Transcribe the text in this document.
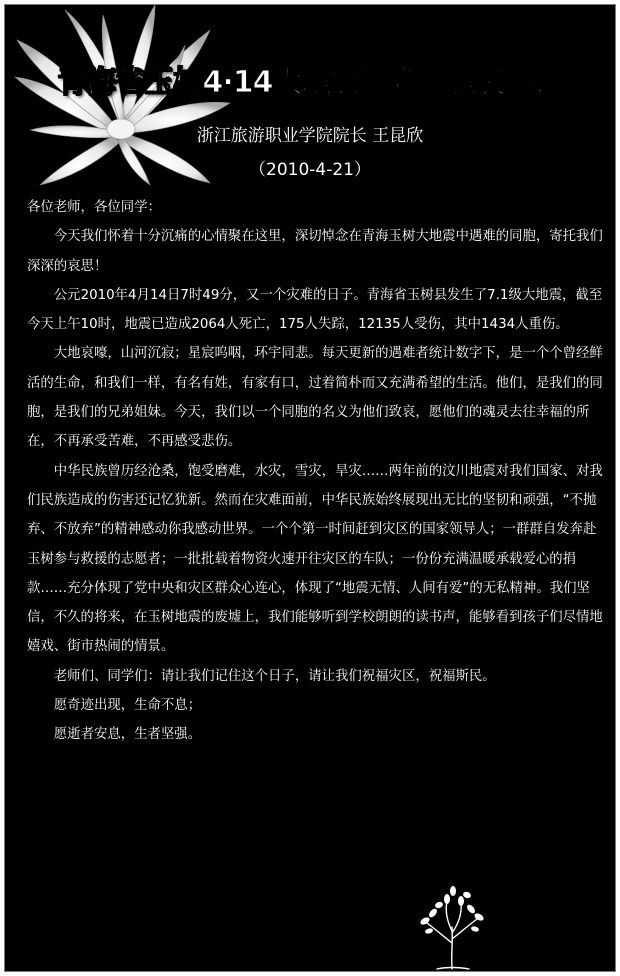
青海省玉树4·14大地震遇难同胞哀悼词
浙江旅游职业学院院长 王昆欣
（2010-4-21）

各位老师，各位同学：

今天我们怀着十分沉痛的心情聚在这里，深切悼念在青海玉树大地震中遇难的同胞，寄托我们深深的哀思！

公元2010年4月14日7时49分，又一个灾难的日子。青海省玉树县发生了7.1级大地震，截至今天上午10时，地震已造成2064人死亡，175人失踪，12135人受伤，其中1434人重伤。

大地哀嚎，山河沉寂；星宸呜咽，环宇同悲。每天更新的遇难者统计数字下，是一个个曾经鲜活的生命，和我们一样，有名有姓，有家有口，过着简朴而又充满希望的生活。他们，是我们的同胞，是我们的兄弟姐妹。今天，我们以一个同胞的名义为他们致哀，愿他们的魂灵去往幸福的所在，不再承受苦难，不再感受悲伤。

中华民族曾历经沧桑，饱受磨难，水灾，雪灾，旱灾……两年前的汶川地震对我们国家、对我们民族造成的伤害还记忆犹新。然而在灾难面前，中华民族始终展现出无比的坚韧和顽强，“不抛弃、不放弃”的精神感动你我感动世界。一个个第一时间赶到灾区的国家领导人；一群群自发奔赴玉树参与救援的志愿者；一批批载着物资火速开往灾区的车队；一份份充满温暖承载爱心的捐款……充分体现了党中央和灾区群众心连心，体现了“地震无情、人间有爱”的无私精神。我们坚信，不久的将来，在玉树地震的废墟上，我们能够听到学校朗朗的读书声，能够看到孩子们尽情地嬉戏、街市热闹的情景。

老师们、同学们：请让我们记住这个日子，请让我们祝福灾区，祝福斯民。

愿奇迹出现，生命不息；

愿逝者安息，生者坚强。
